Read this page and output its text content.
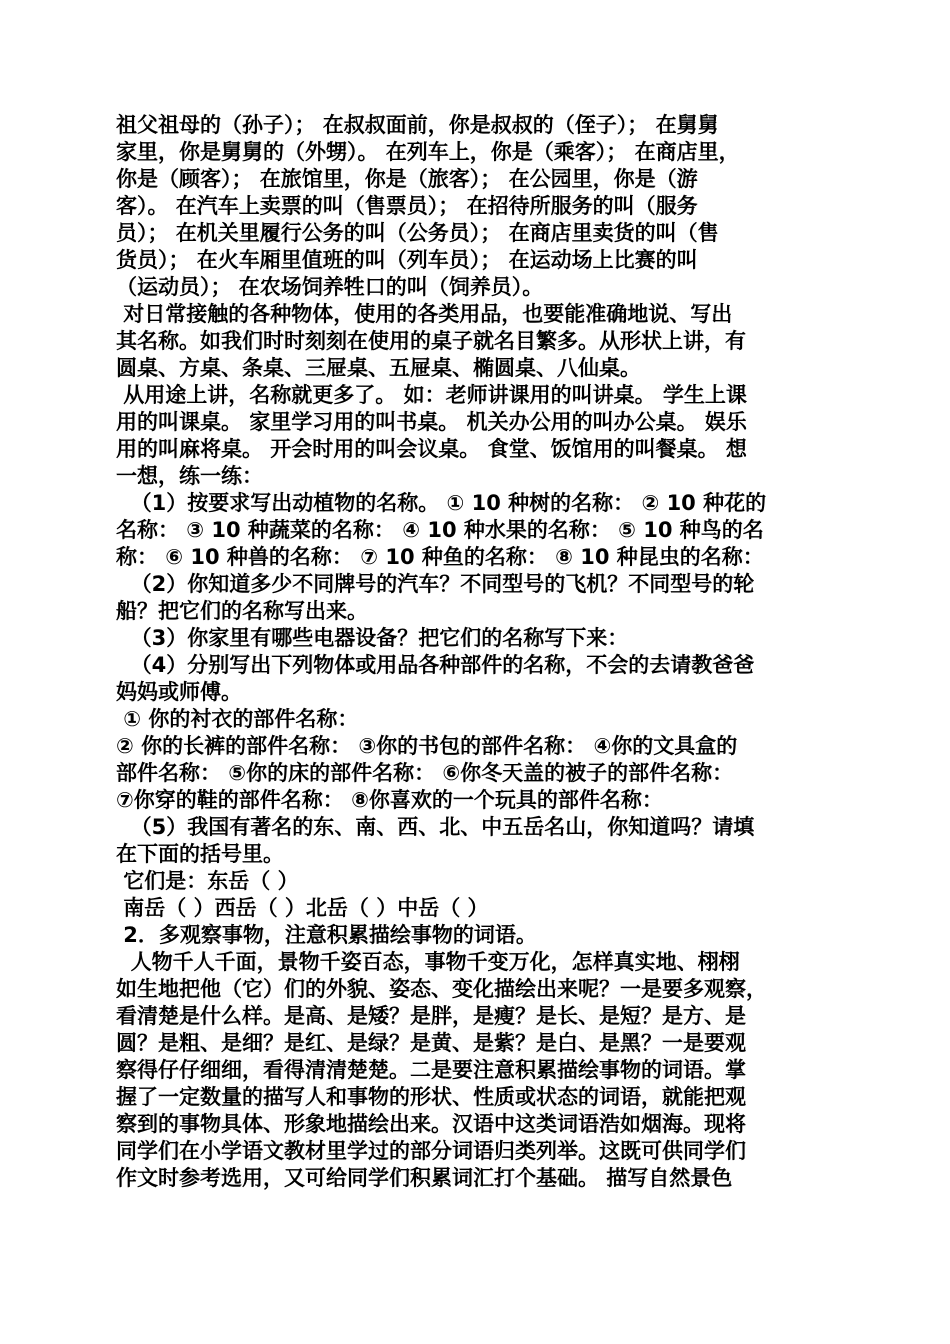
祖父祖母的（孙子）； 在叔叔面前，你是叔叔的（侄子）； 在舅舅
家里，你是舅舅的（外甥）。 在列车上，你是（乘客）； 在商店里，
你是（顾客）； 在旅馆里，你是（旅客）； 在公园里，你是（游
客）。 在汽车上卖票的叫（售票员）； 在招待所服务的叫（服务
员）； 在机关里履行公务的叫（公务员）； 在商店里卖货的叫（售
货员）； 在火车厢里值班的叫（列车员）； 在运动场上比赛的叫
（运动员）； 在农场饲养牲口的叫（饲养员）。
对日常接触的各种物体，使用的各类用品，也要能准确地说、写出
其名称。如我们时时刻刻在使用的桌子就名目繁多。从形状上讲，有
圆桌、方桌、条桌、三屉桌、五屉桌、椭圆桌、八仙桌。
从用途上讲，名称就更多了。 如：老师讲课用的叫讲桌。 学生上课
用的叫课桌。 家里学习用的叫书桌。 机关办公用的叫办公桌。 娱乐
用的叫麻将桌。 开会时用的叫会议桌。 食堂、饭馆用的叫餐桌。 想
一想，练一练：
（1）按要求写出动植物的名称。 ① 10 种树的名称： ② 10 种花的
名称： ③ 10 种蔬菜的名称： ④ 10 种水果的名称： ⑤ 10 种鸟的名
称： ⑥ 10 种兽的名称： ⑦ 10 种鱼的名称： ⑧ 10 种昆虫的名称：
（2）你知道多少不同牌号的汽车？不同型号的飞机？不同型号的轮
船？把它们的名称写出来。
（3）你家里有哪些电器设备？把它们的名称写下来：
（4）分别写出下列物体或用品各种部件的名称，不会的去请教爸爸
妈妈或师傅。
① 你的衬衣的部件名称：
② 你的长裤的部件名称： ③你的书包的部件名称： ④你的文具盒的
部件名称： ⑤你的床的部件名称： ⑥你冬天盖的被子的部件名称：
⑦你穿的鞋的部件名称： ⑧你喜欢的一个玩具的部件名称：
（5）我国有著名的东、南、西、北、中五岳名山，你知道吗？请填
在下面的括号里。
它们是：东岳（ ）
南岳（ ）西岳（ ）北岳（ ）中岳（ ）
2．多观察事物，注意积累描绘事物的词语。
人物千人千面，景物千姿百态，事物千变万化，怎样真实地、栩栩
如生地把他（它）们的外貌、姿态、变化描绘出来呢？一是要多观察，
看清楚是什么样。是高、是矮？是胖，是瘦？是长、是短？是方、是
圆？是粗、是细？是红、是绿？是黄、是紫？是白、是黑？一是要观
察得仔仔细细，看得清清楚楚。二是要注意积累描绘事物的词语。掌
握了一定数量的描写人和事物的形状、性质或状态的词语，就能把观
察到的事物具体、形象地描绘出来。汉语中这类词语浩如烟海。现将
同学们在小学语文教材里学过的部分词语归类列举。这既可供同学们
作文时参考选用，又可给同学们积累词汇打个基础。 描写自然景色
